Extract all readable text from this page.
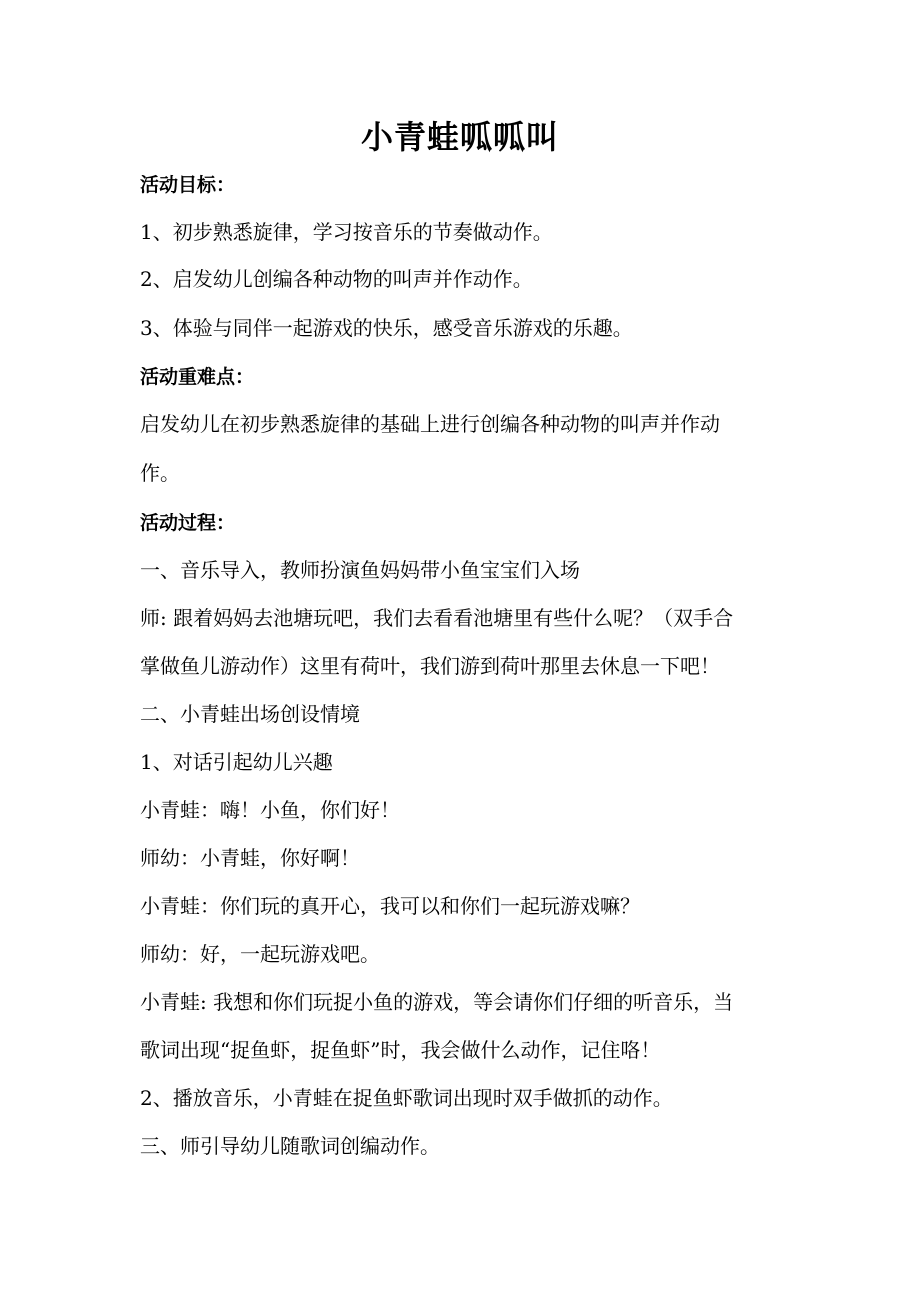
小青蛙呱呱叫
活动目标：
1、初步熟悉旋律，学习按音乐的节奏做动作。
2、启发幼儿创编各种动物的叫声并作动作。
3、体验与同伴一起游戏的快乐，感受音乐游戏的乐趣。
活动重难点：
启发幼儿在初步熟悉旋律的基础上进行创编各种动物的叫声并作动
作。
活动过程：
一、音乐导入，教师扮演鱼妈妈带小鱼宝宝们入场
师: 跟着妈妈去池塘玩吧，我们去看看池塘里有些什么呢？（双手合
掌做鱼儿游动作）这里有荷叶，我们游到荷叶那里去休息一下吧！
二、小青蛙出场创设情境
1、对话引起幼儿兴趣
小青蛙：嗨！小鱼，你们好！
师幼：小青蛙，你好啊！
小青蛙：你们玩的真开心，我可以和你们一起玩游戏嘛？
师幼：好，一起玩游戏吧。
小青蛙: 我想和你们玩捉小鱼的游戏，等会请你们仔细的听音乐，当
歌词出现“捉鱼虾，捉鱼虾”时，我会做什么动作，记住咯！
2、播放音乐，小青蛙在捉鱼虾歌词出现时双手做抓的动作。
三、师引导幼儿随歌词创编动作。
